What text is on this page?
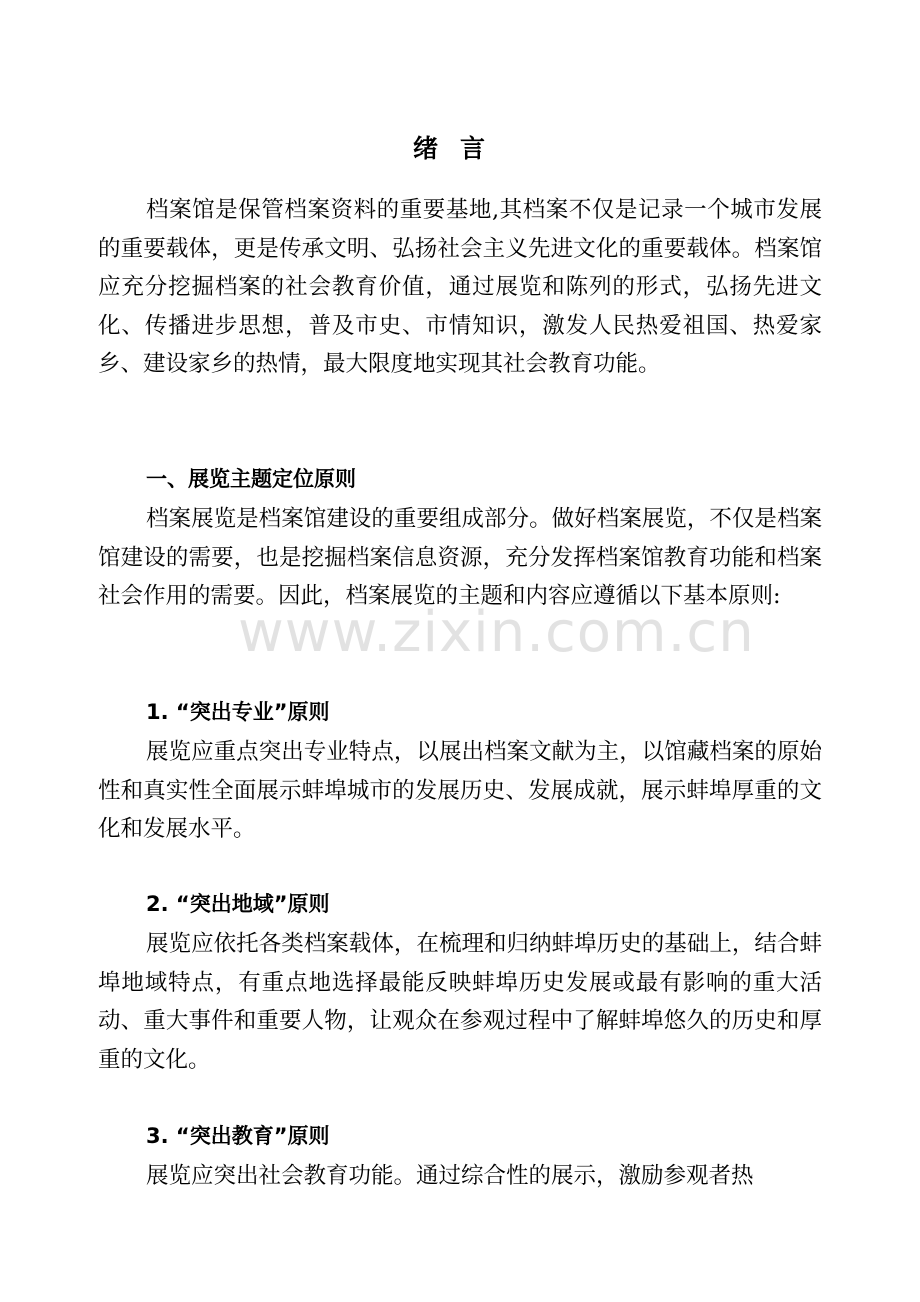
绪言

档案馆是保管档案资料的重要基地,其档案不仅是记录一个城市发展的重要载体，更是传承文明、弘扬社会主义先进文化的重要载体。档案馆应充分挖掘档案的社会教育价值，通过展览和陈列的形式，弘扬先进文化、传播进步思想，普及市史、市情知识，激发人民热爱祖国、热爱家乡、建设家乡的热情，最大限度地实现其社会教育功能。

一、展览主题定位原则

档案展览是档案馆建设的重要组成部分。做好档案展览，不仅是档案馆建设的需要，也是挖掘档案信息资源，充分发挥档案馆教育功能和档案社会作用的需要。因此，档案展览的主题和内容应遵循以下基本原则:

1. “突出专业”原则

展览应重点突出专业特点，以展出档案文献为主，以馆藏档案的原始性和真实性全面展示蚌埠城市的发展历史、发展成就，展示蚌埠厚重的文化和发展水平。

2. “突出地域”原则

展览应依托各类档案载体，在梳理和归纳蚌埠历史的基础上，结合蚌埠地域特点，有重点地选择最能反映蚌埠历史发展或最有影响的重大活动、重大事件和重要人物，让观众在参观过程中了解蚌埠悠久的历史和厚重的文化。

3. “突出教育”原则

展览应突出社会教育功能。通过综合性的展示，激励参观者热

www.zixin.com.cn
